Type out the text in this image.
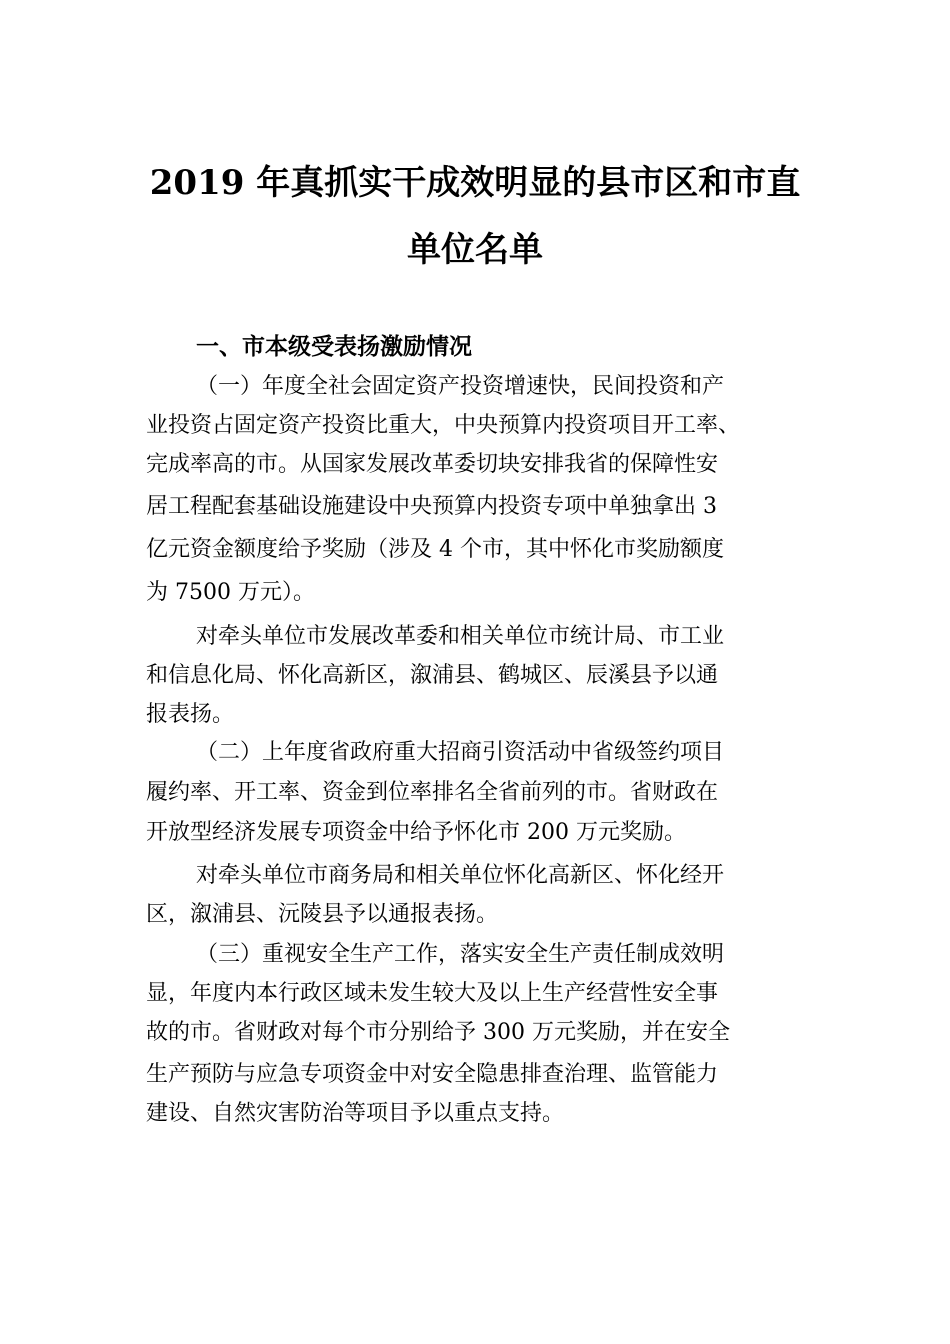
2019 年真抓实干成效明显的县市区和市直
单位名单
一、市本级受表扬激励情况
（一）年度全社会固定资产投资增速快，民间投资和产
业投资占固定资产投资比重大，中央预算内投资项目开工率、
完成率高的市。从国家发展改革委切块安排我省的保障性安
居工程配套基础设施建设中央预算内投资专项中单独拿出 3
亿元资金额度给予奖励（涉及 4 个市，其中怀化市奖励额度
为 7500 万元）。
对牵头单位市发展改革委和相关单位市统计局、市工业
和信息化局、怀化高新区，溆浦县、鹤城区、辰溪县予以通
报表扬。
（二）上年度省政府重大招商引资活动中省级签约项目
履约率、开工率、资金到位率排名全省前列的市。省财政在
开放型经济发展专项资金中给予怀化市 200 万元奖励。
对牵头单位市商务局和相关单位怀化高新区、怀化经开
区，溆浦县、沅陵县予以通报表扬。
（三）重视安全生产工作，落实安全生产责任制成效明
显，年度内本行政区域未发生较大及以上生产经营性安全事
故的市。省财政对每个市分别给予 300 万元奖励，并在安全
生产预防与应急专项资金中对安全隐患排查治理、监管能力
建设、自然灾害防治等项目予以重点支持。
